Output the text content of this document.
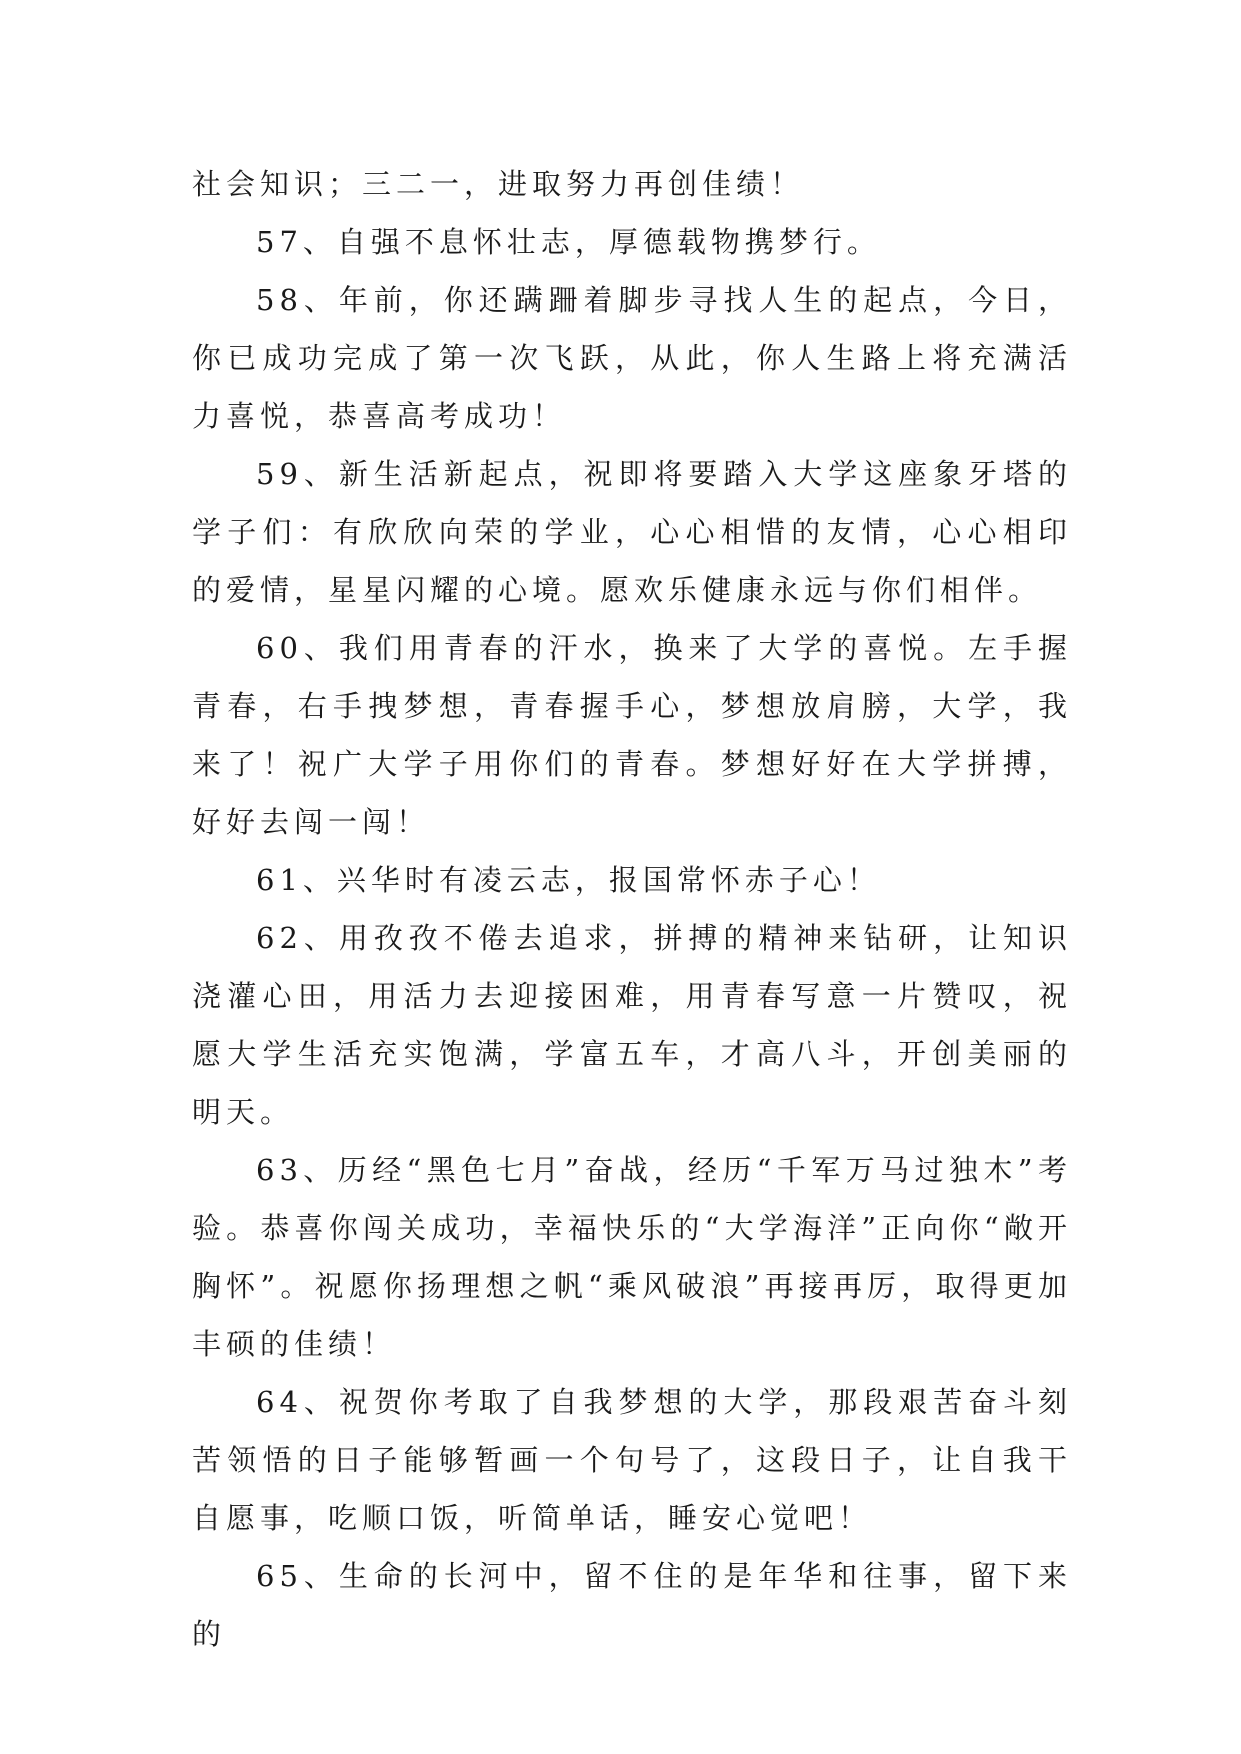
社会知识；三二一，进取努力再创佳绩！

57、自强不息怀壮志，厚德载物携梦行。

58、年前，你还蹒跚着脚步寻找人生的起点，今日，你已成功完成了第一次飞跃，从此，你人生路上将充满活力喜悦，恭喜高考成功！

59、新生活新起点，祝即将要踏入大学这座象牙塔的学子们：有欣欣向荣的学业，心心相惜的友情，心心相印的爱情，星星闪耀的心境。愿欢乐健康永远与你们相伴。

60、我们用青春的汗水，换来了大学的喜悦。左手握青春，右手拽梦想，青春握手心，梦想放肩膀，大学，我来了！祝广大学子用你们的青春。梦想好好在大学拼搏，好好去闯一闯！

61、兴华时有凌云志，报国常怀赤子心！

62、用孜孜不倦去追求，拼搏的精神来钻研，让知识浇灌心田，用活力去迎接困难，用青春写意一片赞叹，祝愿大学生活充实饱满，学富五车，才高八斗，开创美丽的明天。

63、历经“黑色七月”奋战，经历“千军万马过独木”考验。恭喜你闯关成功，幸福快乐的“大学海洋”正向你“敞开胸怀”。祝愿你扬理想之帆“乘风破浪”再接再厉，取得更加丰硕的佳绩！

64、祝贺你考取了自我梦想的大学，那段艰苦奋斗刻苦领悟的日子能够暂画一个句号了，这段日子，让自我干自愿事，吃顺口饭，听简单话，睡安心觉吧！

65、生命的长河中，留不住的是年华和往事，留下来的
